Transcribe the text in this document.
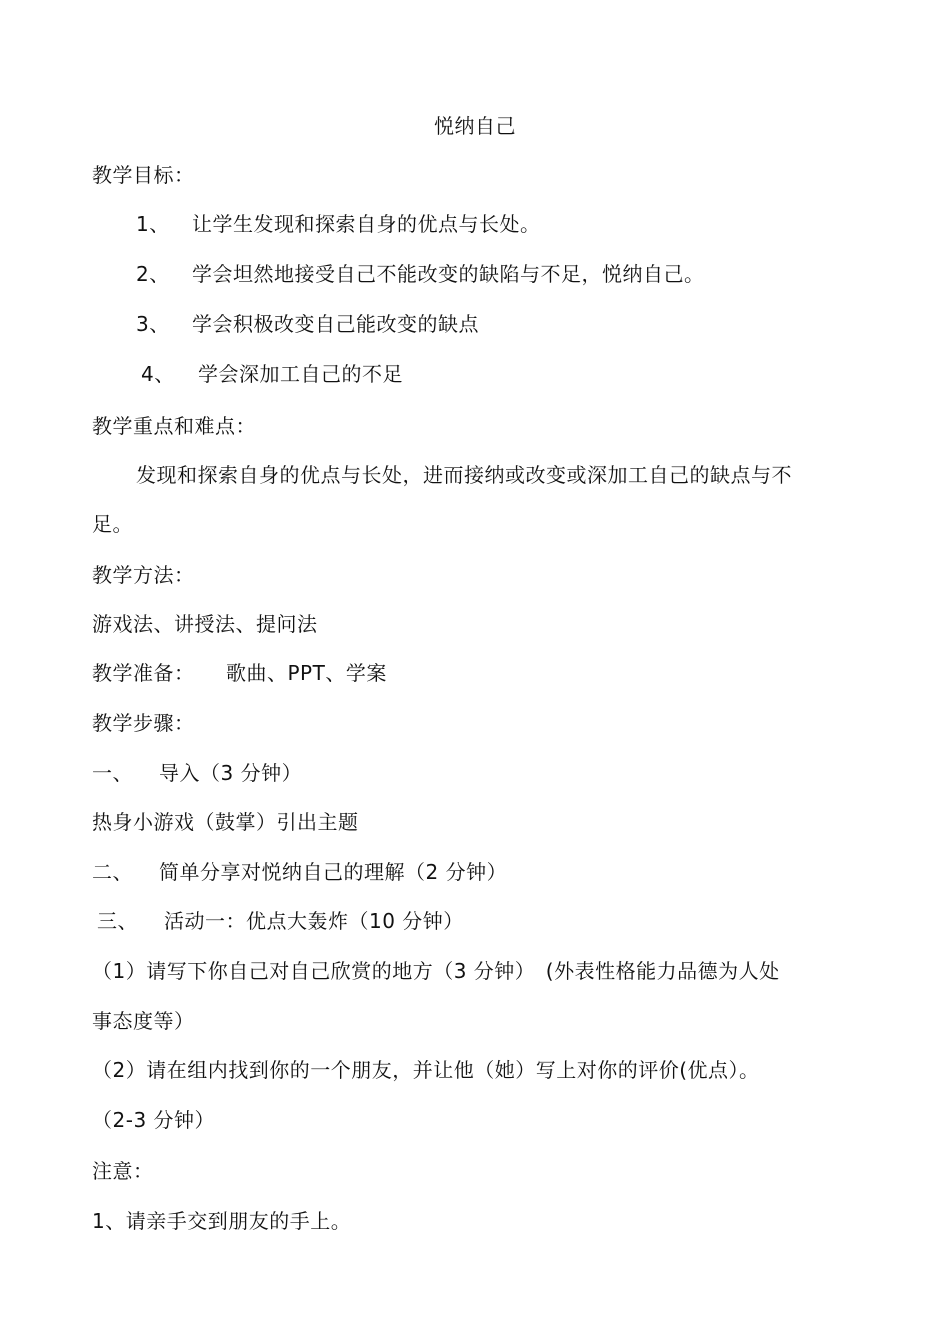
悦纳自己
教学目标：
1、 让学生发现和探索自身的优点与长处。
2、 学会坦然地接受自己不能改变的缺陷与不足，悦纳自己。
3、 学会积极改变自己能改变的缺点
4、 学会深加工自己的不足
教学重点和难点：
发现和探索自身的优点与长处，进而接纳或改变或深加工自己的缺点与不
足。
教学方法：
游戏法、讲授法、提问法
教学准备： 歌曲、PPT、学案
教学步骤：
一、 导入（3 分钟）
热身小游戏（鼓掌）引出主题
二、 简单分享对悦纳自己的理解（2 分钟）
三、 活动一：优点大轰炸（10 分钟）
（1）请写下你自己对自己欣赏的地方（3 分钟）　(外表性格能力品德为人处
事态度等）
（2）请在组内找到你的一个朋友，并让他（她）写上对你的评价(优点）。
（2-3 分钟）
注意：
1、请亲手交到朋友的手上。
